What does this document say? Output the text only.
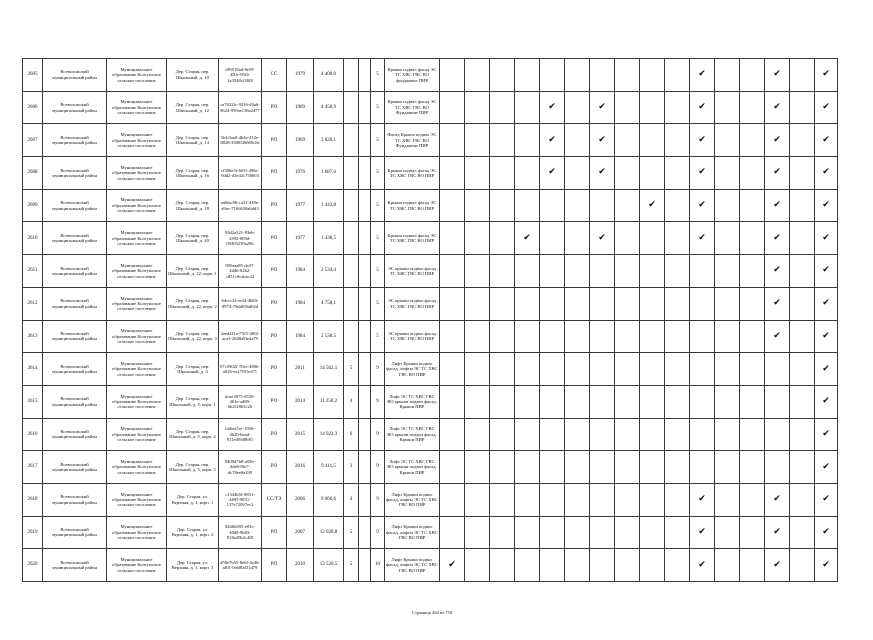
2605	Всеволожский муниципальный район	Муниципальное образование Колтушское сельское поселение	Дер. Старая, пер. Школьный, д. 10	c89519ad-8e59-450c-95f4-1a3548cf38f8	СС	1979	4 400,0			5	Крыши подвал фасад ЭС ТС ХВС ГВС ВО фундамент ПИР											✔			✔		✔
2606	Всеволожский муниципальный район	Муниципальное образование Колтушское сельское поселение	Дер. Старая, пер. Школьный, д. 12	ca7632fc-9316-40a6-9624-959ae136a2477	РО	1969	4 458,9			5	Крыши подвал фасад ЭС ТС ХВС ГВС ВО Фундамент ПИР					✔		✔				✔			✔		✔
2607	Всеволожский муниципальный район	Муниципальное образование Колтушское сельское поселение	Дер. Старая, пер. Школьный, д. 14	3fcb3aa0-4b4e-412e-8828-35883f6600c8e	РО	1969	3 620,1			5	Фасад Крыша подвал ЭС ТС ХВС ГВС ВО Фундамент ПИР					✔		✔				✔			✔		✔
2608	Всеволожский муниципальный район	Муниципальное образование Колтушское сельское поселение	Дер. Старая, пер. Школьный, д. 16	cf306e5f-6f01-496e-9dd2-d3e43c758603	РО	1976	1 687,6			5	Крыши подвал фасад ЭС ТС ХВС ГВС ВО ПИР					✔		✔				✔			✔		✔
2609	Всеволожский муниципальный район	Муниципальное образование Колтушское сельское поселение	Дер. Старая, пер. Школьный, д. 18	aa0fac60-ca32-418e-a9ac-7166630a6dd3	РО	1977	1 443,8			5	Крыши подвал фасад ЭС ТС ХВС ГВС ВО ПИР									✔		✔			✔		✔
2610	Всеволожский муниципальный район	Муниципальное образование Колтушское сельское поселение	Дер. Старая, пер. Школьный, д. 20	93d2a321-83eb-4592-809d-09303239a29b	РО	1977	1 438,5			5	Крыши подвал фасад ЭС ТС ХВС ГВС ВО ПИР				✔			✔				✔			✔		✔
2611	Всеволожский муниципальный район	Муниципальное образование Колтушское сельское поселение	Дер. Старая, пер. Школьный, д. 22, корп. 1	985aaa85-da37-4d46-82b2-c851c9cabac32	РО	1984	2 534,4			5	ЭС крыши подвал фасад ТС ХВС ГВС ВО ПИР														✔		✔
2612	Всеволожский муниципальный район	Муниципальное образование Колтушское сельское поселение	Дер. Старая, пер. Школьный, д. 22, корп. 2	6dccc4f-ee34-4b83-8974-79dd056d02d	РО	1984	4 758,1			5	ЭС крыши подвал фасад ТС ХВС ГВС ВО ПИР														✔		✔
2613	Всеволожский муниципальный район	Муниципальное образование Колтушское сельское поселение	Дер. Старая, пер. Школьный, д. 22, корп. 3	2aed411a-75f5-4f82-aca3-2640a9fe4a79	РО	1984	2 530,5			5	ЭС крыши подвал фасад ТС ХВС ГВС ВО ПИР														✔		✔
2614	Всеволожский муниципальный район	Муниципальное образование Колтушское сельское поселение	Дер. Старая, пер. Школьный, д. 3	07c5902f-70ec-480b-a026-ea17f01ed71	РО	2011	14 562,1	5		9	Лифт Крыши подвал фасад, лифты ЭС ТС ХВС ГВС ВО ПИР																✔
2615	Всеволожский муниципальный район	Муниципальное образование Колтушское сельское поселение	Дер. Старая, пер. Школьный, д. 5, корп. 1	dcae2075-8530-461e-ad89-6b21f863c26	РО	2014	11 250,2	4		9	Лифт ЭС ТС ХВС ГВС ВО крыши подвал фасад, Крыши ПИР																✔
2616	Всеволожский муниципальный район	Муниципальное образование Колтушское сельское поселение	Дер. Старая, пер. Школьный, д. 5, корп. 2	b46ea7ec-1956-4b20-bead-911e0f949b81	РО	2015	14 922,3	6		9	Лифт ЭС ТС ХВС ГВС ВО крыши подвал фасад, Крыши ПИР																✔
2617	Всеволожский муниципальный район	Муниципальное образование Колтушское сельское поселение	Дер. Старая, пер. Школьный, д. 5, корп. 3	9409d7b8-a03b-4de8-8fe7-dc78ee0a339	РО	2016	9 411,5	3		9	Лифт ЭС ТС ХВС ГВС ВО крыши подвал фасад, Крыши ПИР																✔
2618	Всеволожский муниципальный район	Муниципальное образование Колтушское сельское поселение	Дер. Старая, ул. Верхняя, д. 1, корп. 1	c1344b5f-8831-4695-9831-137e72097ec2	СС/ТЭ	2006	9 066,6	4		9	Лифт Крыши подвал фасад, лифты ЭС ТС ХВС ГВС ВО ПИР											✔			✔		✔
2619	Всеволожский муниципальный район	Муниципальное образование Колтушское сельское поселение	Дер. Старая, ул. Верхняя, д. 1, корп. 2	04460495-e03c-40d9-9b83-818a20b2c4f8	РО	2007	12 028,8	5		9	Лифт Крыши подвал фасад, лифты ЭС ТС ХВС ГВС ВО ПИР											✔			✔		✔
2620	Всеволожский муниципальный район	Муниципальное образование Колтушское сельское поселение	Дер. Старая, ул. Верхняя, д. 1, корп. 3	d50e7b55-8e6f-4e46-af01-0eb80d31d79	РО	2010	13 520,5	5		10	Лифт Крыши подвал фасад, лифты ЭС ТС ХВС ГВС ВО ПИР	✔										✔			✔		✔
Страница 264 из 718
